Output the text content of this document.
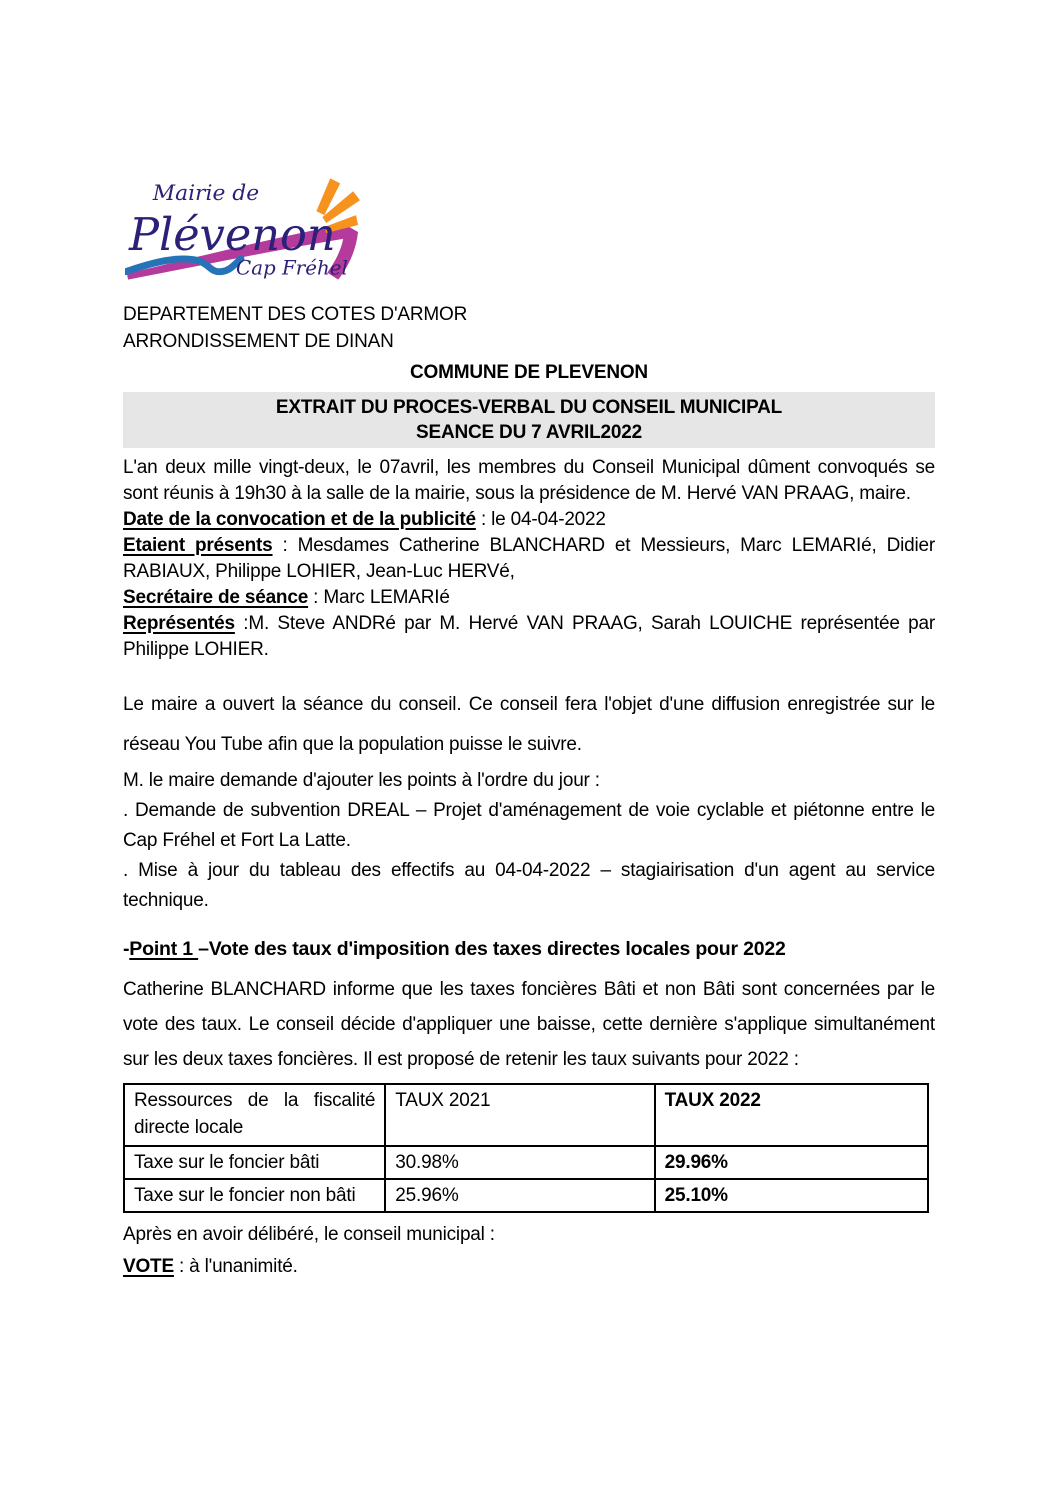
Mairie de
Plévenon
Cap Fréhel
DEPARTEMENT DES COTES D'ARMOR
ARRONDISSEMENT DE DINAN
COMMUNE DE PLEVENON
EXTRAIT DU PROCES-VERBAL DU CONSEIL MUNICIPAL
SEANCE DU 7 AVRIL2022

L'an deux mille vingt-deux, le 07avril, les membres du Conseil Municipal dûment convoqués se sont réunis à 19h30 à la salle de la mairie, sous la présidence de M. Hervé VAN PRAAG, maire.

Date de la convocation et de la publicité : le 04-04-2022

Etaient présents : Mesdames Catherine BLANCHARD et Messieurs, Marc LEMARIé, Didier RABIAUX, Philippe LOHIER, Jean-Luc HERVé,

Secrétaire de séance : Marc LEMARIé

Représentés :M. Steve ANDRé par M. Hervé VAN PRAAG, Sarah LOUICHE représentée par Philippe LOHIER.

Le maire a ouvert la séance du conseil. Ce conseil fera l'objet d'une diffusion enregistrée sur le réseau You Tube afin que la population puisse le suivre.

M. le maire demande d'ajouter les points à l'ordre du jour :

. Demande de subvention DREAL – Projet d'aménagement de voie cyclable et piétonne entre le Cap Fréhel et Fort La Latte.

. Mise à jour du tableau des effectifs au 04-04-2022 – stagiairisation d'un agent au service technique.

-Point 1 –Vote des taux d'imposition des taxes directes locales pour 2022

Catherine BLANCHARD informe que les taxes foncières Bâti et non Bâti sont concernées par le vote des taux. Le conseil décide d'appliquer une baisse, cette dernière s'applique simultanément sur les deux taxes foncières. Il est proposé de retenir les taux suivants pour 2022 :

Ressources de la fiscalité directe locale	TAUX 2021	TAUX 2022
Taxe sur le foncier bâti	30.98%	29.96%
Taxe sur le foncier non bâti	25.96%	25.10%

Après en avoir délibéré, le conseil municipal :

VOTE : à l'unanimité.
